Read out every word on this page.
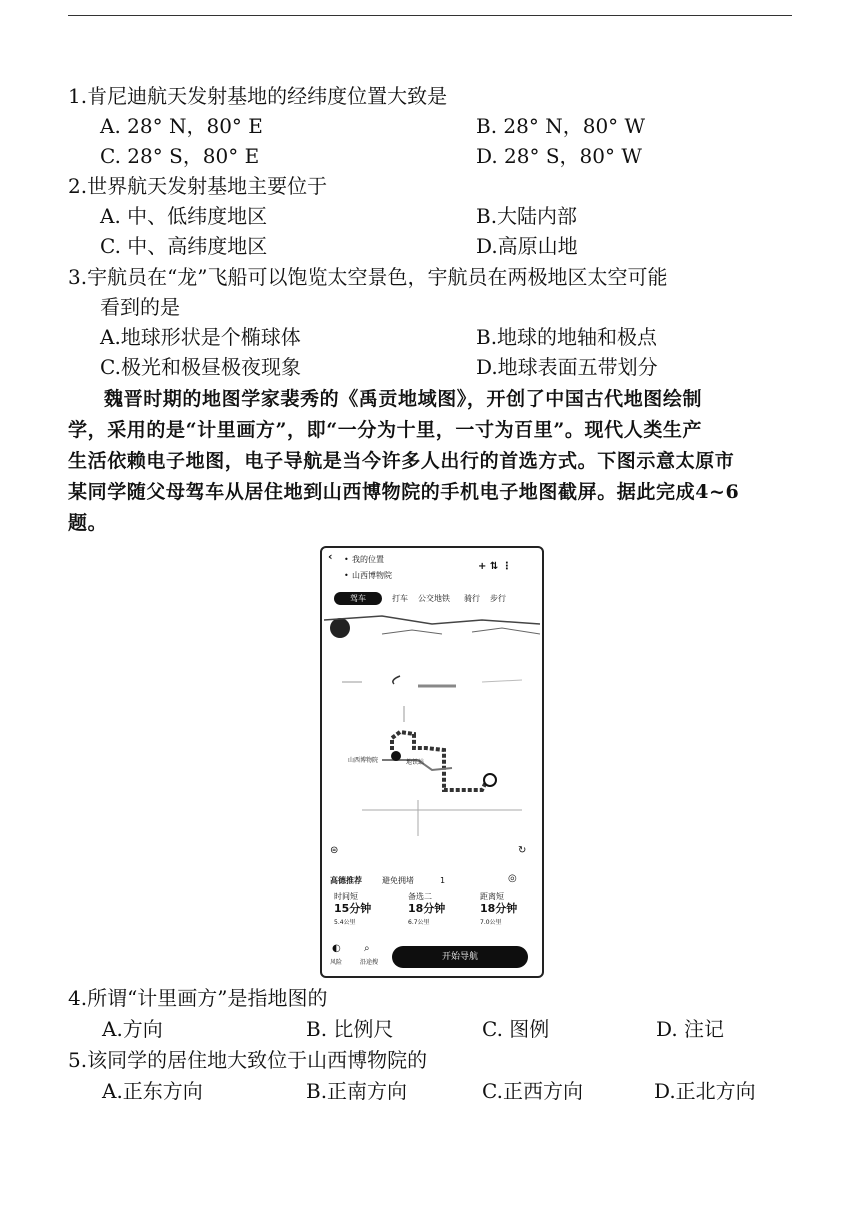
1.肯尼迪航天发射基地的经纬度位置大致是
A. 28° N，80° E	B. 28° N，80° W
C. 28° S，80° E	D. 28° S，80° W
2.世界航天发射基地主要位于
A. 中、低纬度地区	B.大陆内部
C. 中、高纬度地区	D.高原山地
3.宇航员在“龙”飞船可以饱览太空景色，宇航员在两极地区太空可能
看到的是
A.地球形状是个椭球体	B.地球的地轴和极点
C.极光和极昼极夜现象	D.地球表面五带划分
魏晋时期的地图学家裴秀的《禹贡地域图》，开创了中国古代地图绘制
学，采用的是“计里画方”，即“一分为十里，一寸为百里”。现代人类生产
生活依赖电子地图，电子导航是当今许多人出行的首选方式。下图示意太原市
某同学随父母驾车从居住地到山西博物院的手机电子地图截屏。据此完成4~6
题。
‹ 我的位置
山西博物院
•
•
+ ⇅ ⋮
驾车	打车 公交地铁 骑行 步行
山西博物院	地铁站
⊜	↻
高德推荐	避免拥堵	1	◎
时间短
15分钟
5.4公里
备选二
18分钟
6.7公里
距离短
18分钟
7.0公里
◐
风险
⌕
沿途搜
开始导航
4.所谓“计里画方”是指地图的
A.方向	B. 比例尺	C. 图例	D. 注记
5.该同学的居住地大致位于山西博物院的
A.正东方向	B.正南方向	C.正西方向	D.正北方向
